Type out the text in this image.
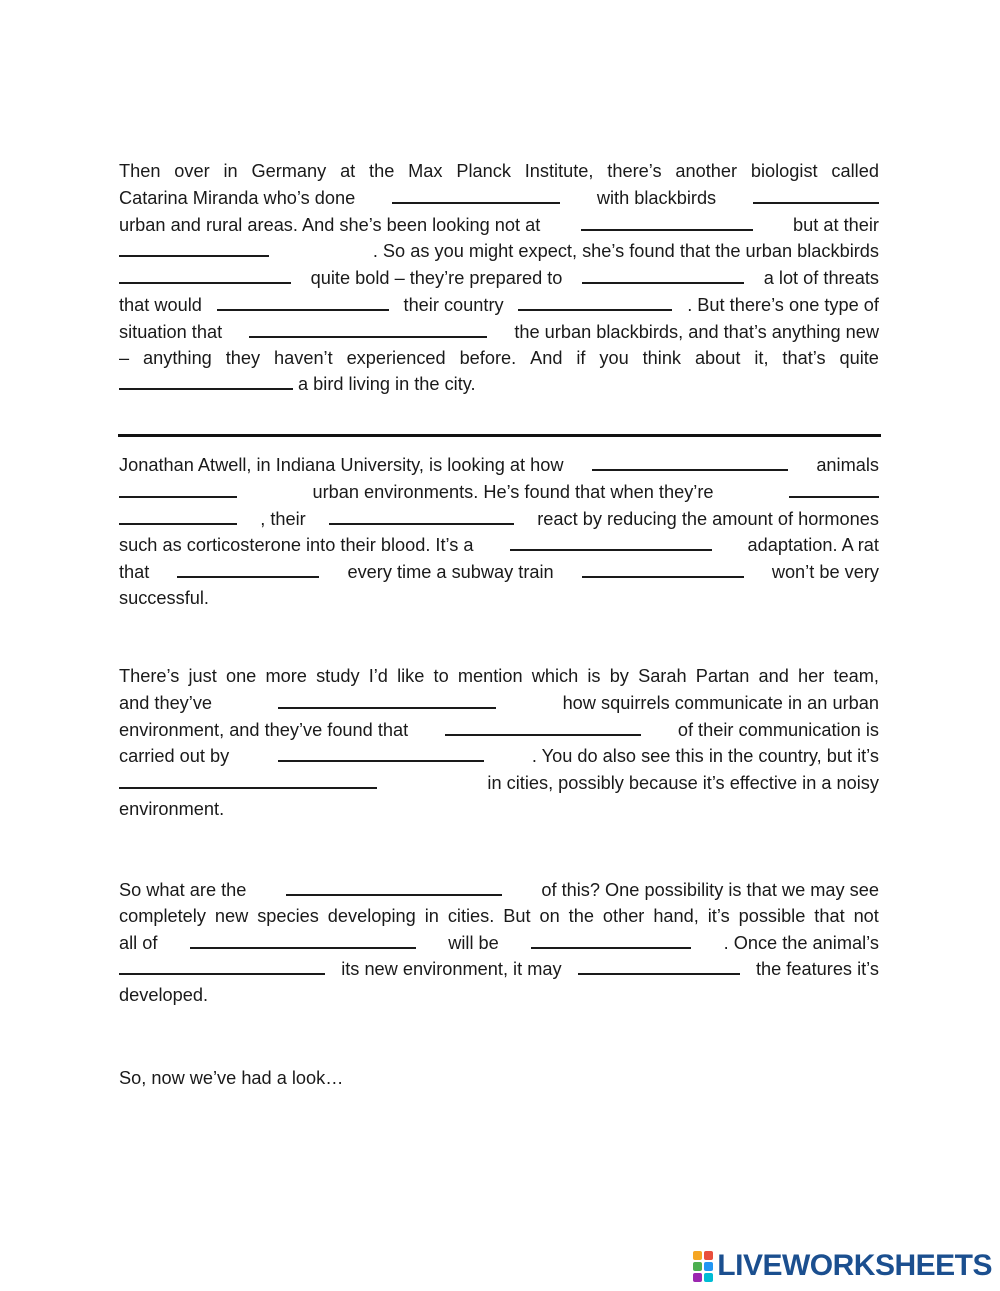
Then over in Germany at the Max Planck Institute, there’s another biologist called
Catarina Miranda who’s done	with blackbirds
urban and rural areas. And she’s been looking not at	but at their
. So as you might expect, she’s found that the urban blackbirds
quite bold – they’re prepared to	a lot of threats
that would	their country	. But there’s one type of
situation that	the urban blackbirds, and that’s anything new
– anything they haven’t experienced before. And if you think about it, that’s quite
a bird living in the city.
Jonathan Atwell, in Indiana University, is looking at how	animals
urban environments. He’s found that when they’re
, their	react by reducing the amount of hormones
such as corticosterone into their blood. It’s a	adaptation. A rat
that	every time a subway train	won’t be very
successful.
There’s just one more study I’d like to mention which is by Sarah Partan and her team,
and they’ve	how squirrels communicate in an urban
environment, and they’ve found that	of their communication is
carried out by	. You do also see this in the country, but it’s
in cities, possibly because it’s effective in a noisy
environment.
So what are the	of this? One possibility is that we may see
completely new species developing in cities. But on the other hand, it’s possible that not
all of	will be	. Once the animal’s
its new environment, it may	the features it’s
developed.
So, now we’ve had a look…
LIVEWORKSHEETS
